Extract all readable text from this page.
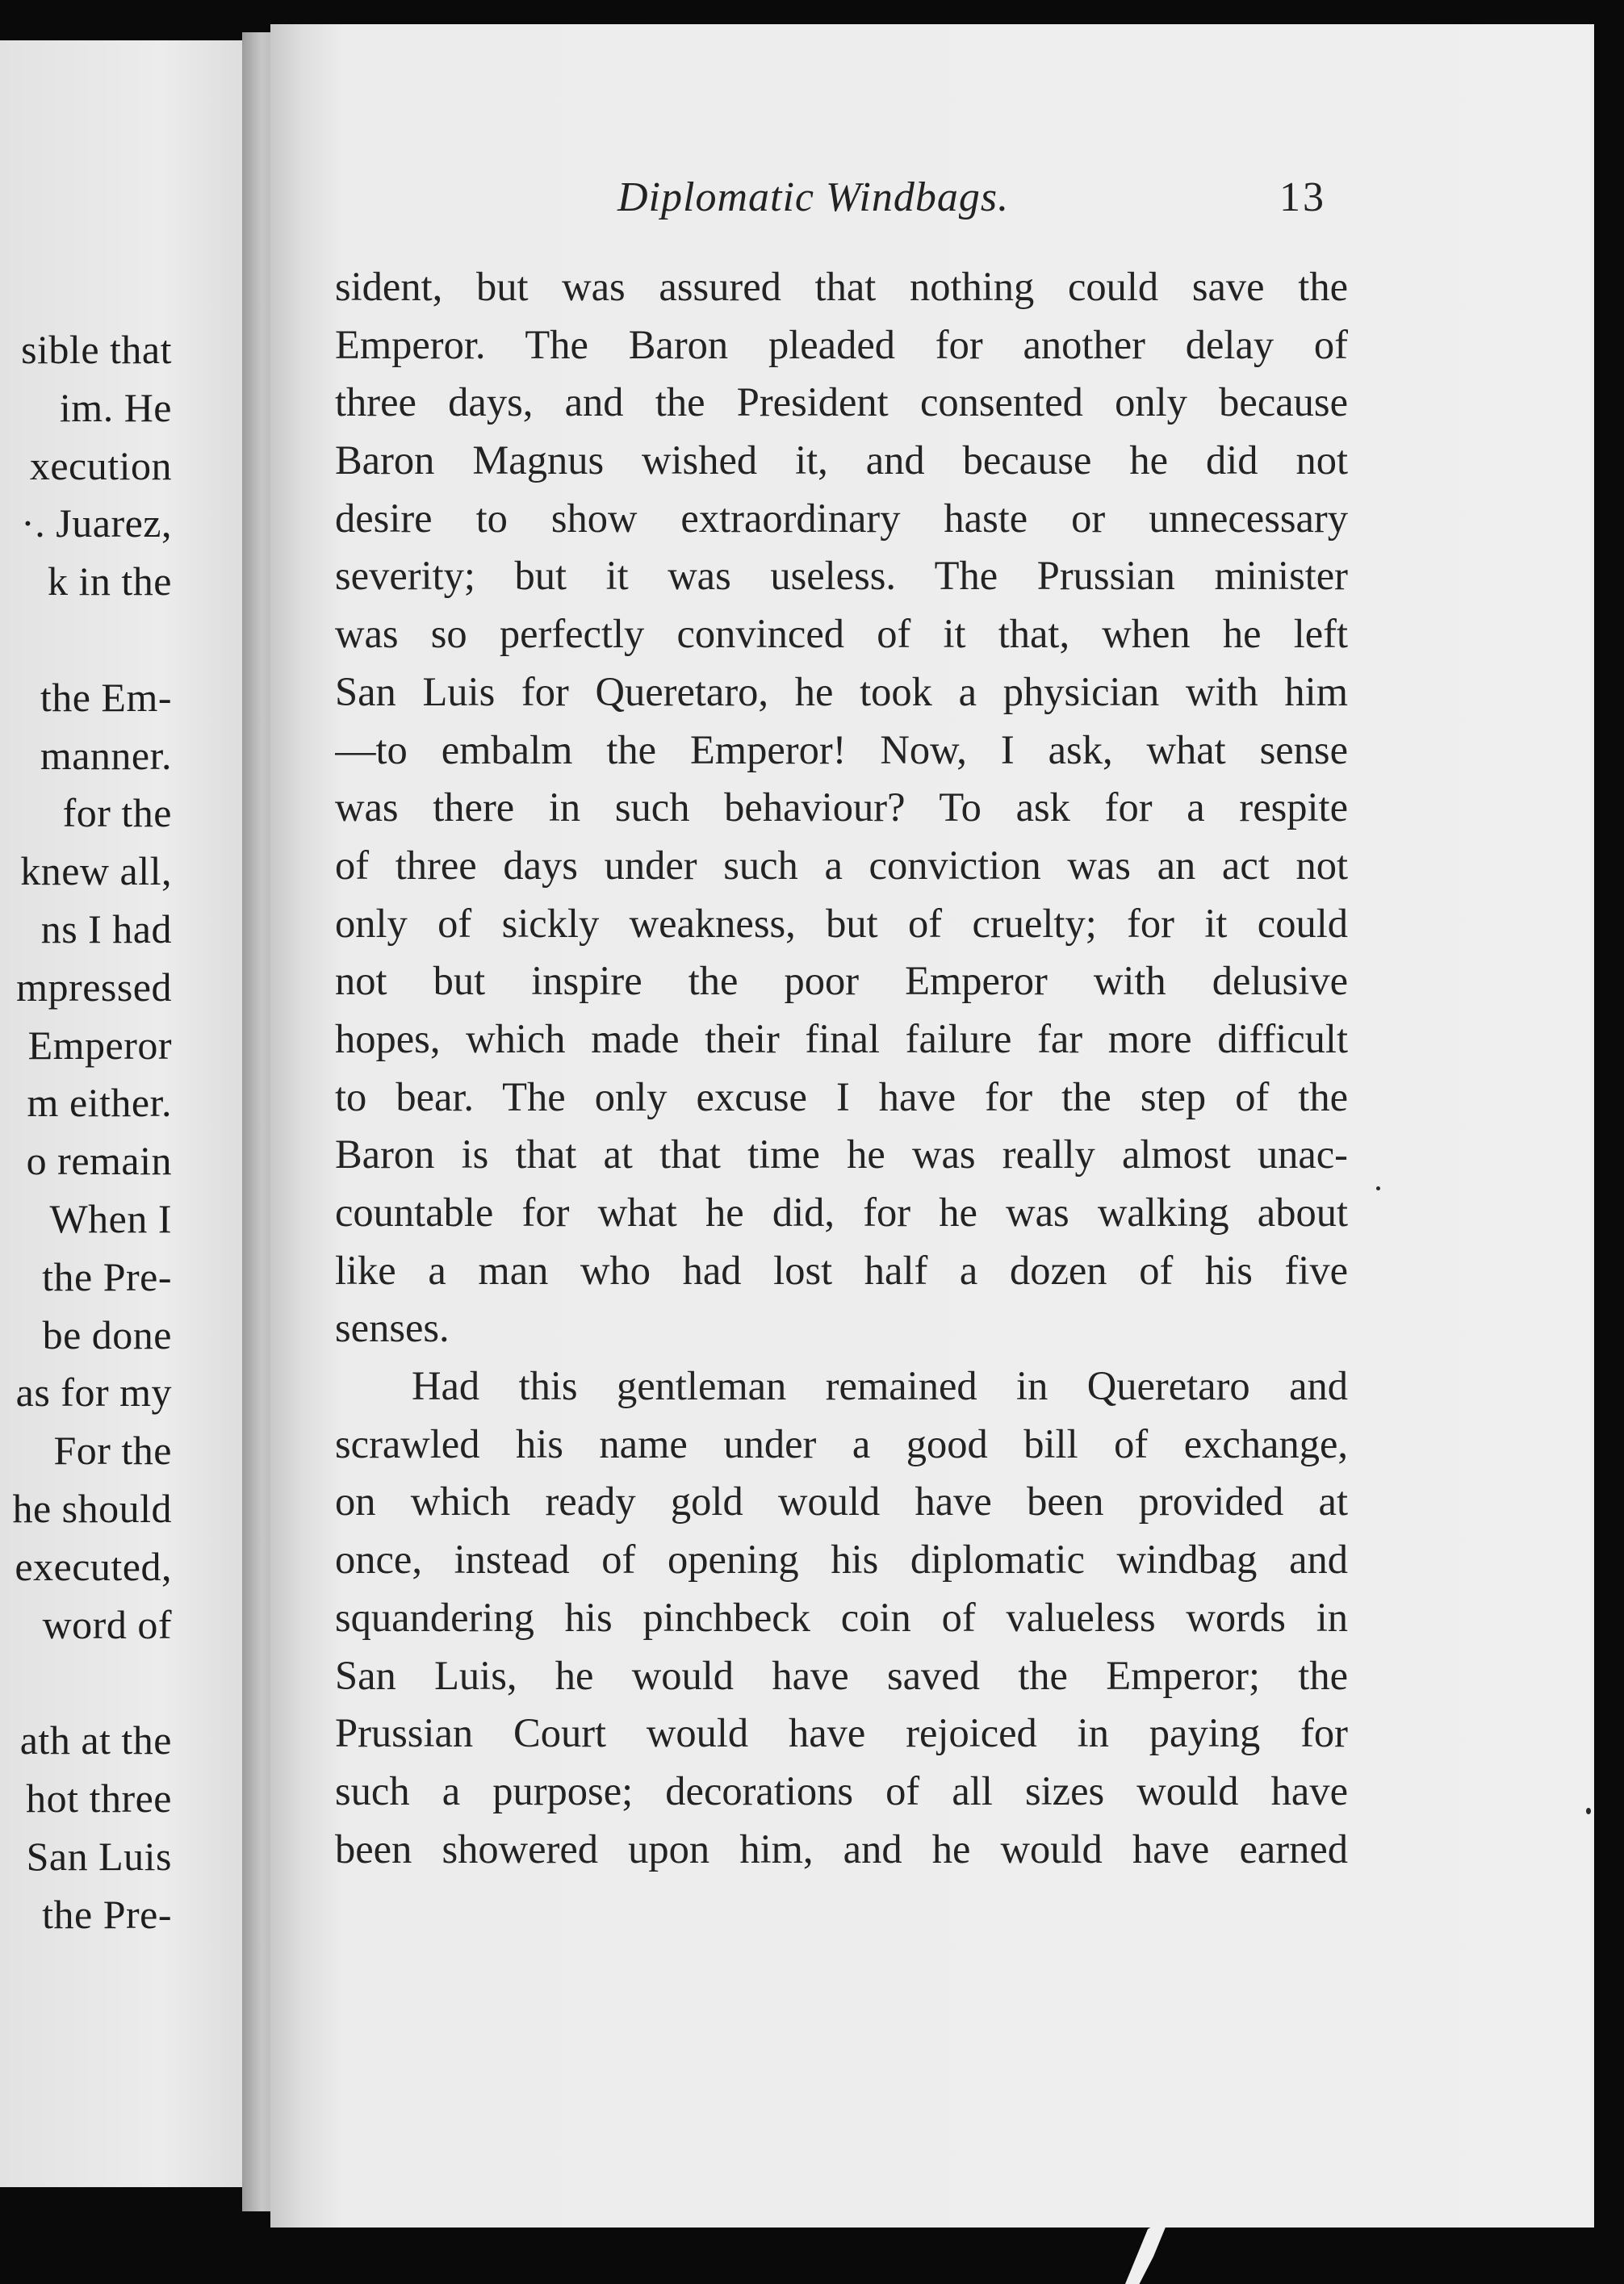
sible that
im. He
xecution
·. Juarez,
k in the
the Em-
manner.
for the
knew all,
ns I had
mpressed
Emperor
m either.
o remain
When I
the Pre-
be done
as for my
For the
he should
executed,
word of
ath at the
hot three
San Luis
the Pre-
Diplomatic Windbags.	13
sident, but was assured that nothing could save the
Emperor. The Baron pleaded for another delay of
three days, and the President consented only because
Baron Magnus wished it, and because he did not
desire to show extraordinary haste or unnecessary
severity; but it was useless. The Prussian minister
was so perfectly convinced of it that, when he left
San Luis for Queretaro, he took a physician with him
—to embalm the Emperor! Now, I ask, what sense
was there in such behaviour? To ask for a respite
of three days under such a conviction was an act not
only of sickly weakness, but of cruelty; for it could
not but inspire the poor Emperor with delusive
hopes, which made their final failure far more difficult
to bear. The only excuse I have for the step of the
Baron is that at that time he was really almost unac-
countable for what he did, for he was walking about
like a man who had lost half a dozen of his five
senses.
Had this gentleman remained in Queretaro and
scrawled his name under a good bill of exchange,
on which ready gold would have been provided at
once, instead of opening his diplomatic windbag and
squandering his pinchbeck coin of valueless words in
San Luis, he would have saved the Emperor; the
Prussian Court would have rejoiced in paying for
such a purpose; decorations of all sizes would have
been showered upon him, and he would have earned
